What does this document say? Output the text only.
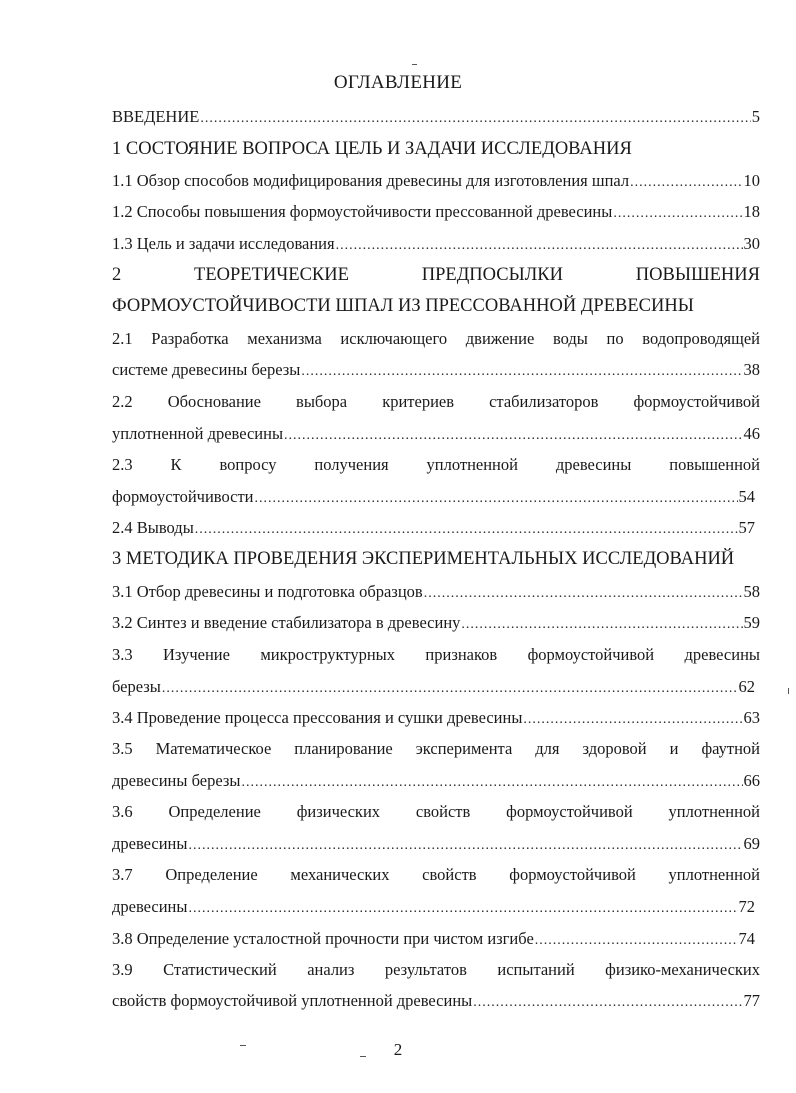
ОГЛАВЛЕНИЕ
ВВЕДЕНИЕ .....	5
1 СОСТОЯНИЕ ВОПРОСА ЦЕЛЬ И ЗАДАЧИ ИССЛЕДОВАНИЯ
1.1 Обзор способов модифицирования древесины для изготовления шпал .....	10
1.2 Способы повышения формоустойчивости прессованной древесины .....	18
1.3 Цель и задачи исследования .....	30
2 ТЕОРЕТИЧЕСКИЕ ПРЕДПОСЫЛКИ ПОВЫШЕНИЯ
ФОРМОУСТОЙЧИВОСТИ ШПАЛ ИЗ ПРЕССОВАННОЙ ДРЕВЕСИНЫ
2.1 Разработка механизма исключающего движение воды по водопроводящей
системе древесины березы .....	38
2.2 Обоснование выбора критериев стабилизаторов формоустойчивой
уплотненной древесины .....	46
2.3 К вопросу получения уплотненной древесины повышенной
формоустойчивости .....	54
2.4 Выводы .....	57
3 МЕТОДИКА ПРОВЕДЕНИЯ ЭКСПЕРИМЕНТАЛЬНЫХ ИССЛЕДОВАНИЙ
3.1 Отбор древесины и подготовка образцов .....	58
3.2 Синтез и введение стабилизатора в древесину .....	59
3.3 Изучение микроструктурных признаков формоустойчивой древесины
березы .....	62
3.4 Проведение процесса прессования и сушки древесины .....	63
3.5 Математическое планирование эксперимента для здоровой и фаутной
древесины березы .....	66
3.6 Определение физических свойств формоустойчивой уплотненной
древесины .....	69
3.7 Определение механических свойств формоустойчивой уплотненной
древесины .....	72
3.8 Определение усталостной прочности при чистом изгибе .....	74
3.9 Статистический анализ результатов испытаний физико-механических
свойств формоустойчивой уплотненной древесины .....	77
2
